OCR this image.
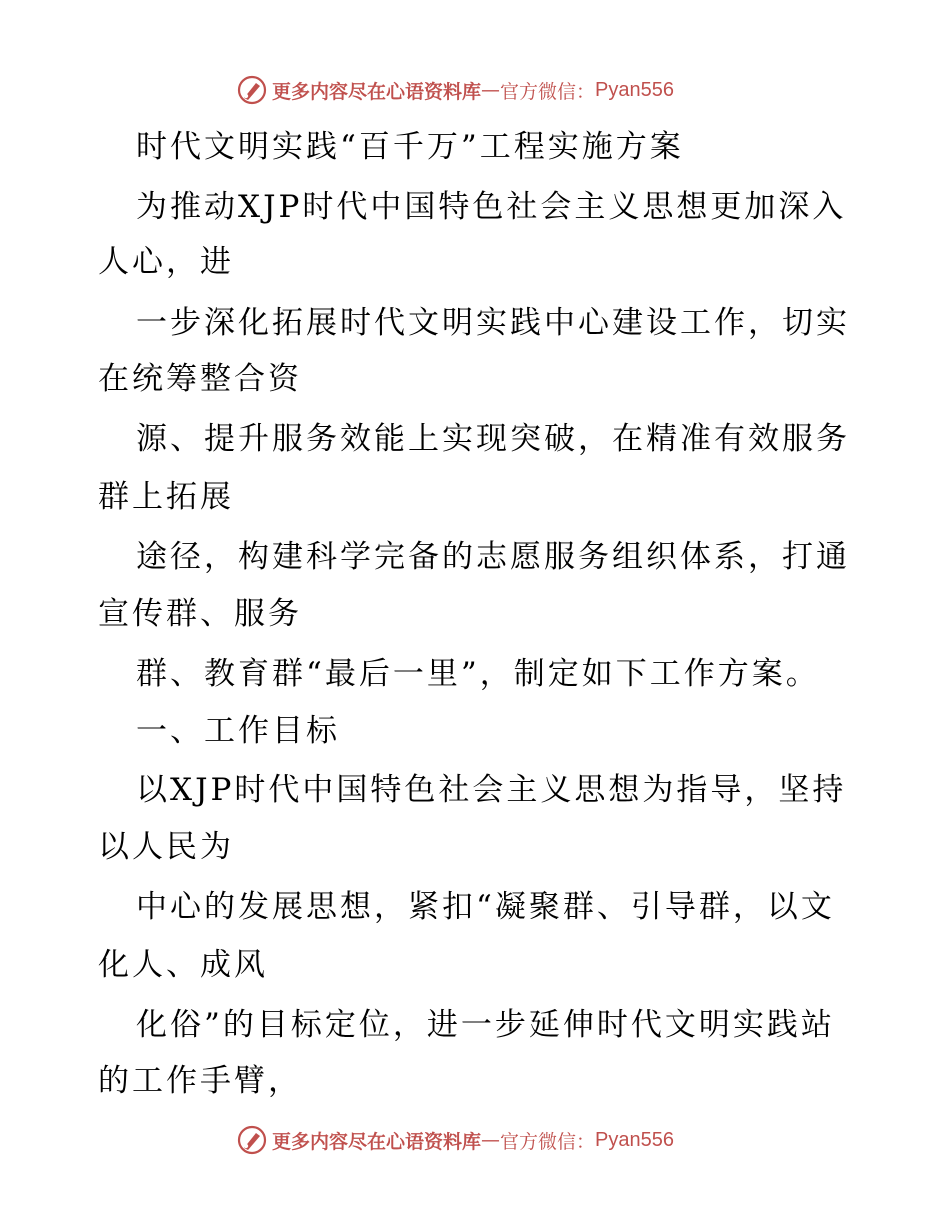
更多内容尽在心语资料库 — 官方微信： Pyan556
时代文明实践“百千万”工程实施方案
为推动XJP时代中国特色社会主义思想更加深入
人心，进
一步深化拓展时代文明实践中心建设工作，切实
在统筹整合资
源、提升服务效能上实现突破，在精准有效服务
群上拓展
途径，构建科学完备的志愿服务组织体系，打通
宣传群、服务
群、教育群“最后一里”，制定如下工作方案。
一、工作目标
以XJP时代中国特色社会主义思想为指导，坚持
以人民为
中心的发展思想，紧扣“凝聚群、引导群，以文
化人、成风
化俗”的目标定位，进一步延伸时代文明实践站
的工作手臂，
更多内容尽在心语资料库 — 官方微信： Pyan556
